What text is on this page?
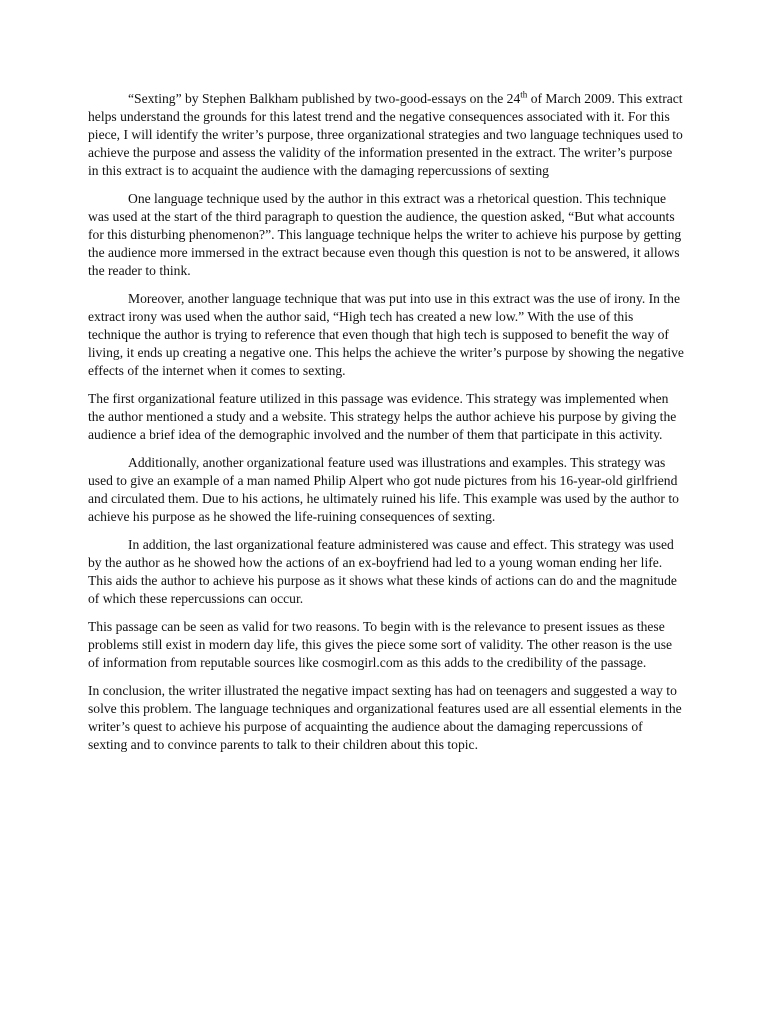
“Sexting” by Stephen Balkham published by two-good-essays on the 24th of March 2009. This extract helps understand the grounds for this latest trend and the negative consequences associated with it. For this piece, I will identify the writer’s purpose, three organizational strategies and two language techniques used to achieve the purpose and assess the validity of the information presented in the extract. The writer’s purpose in this extract is to acquaint the audience with the damaging repercussions of sexting

One language technique used by the author in this extract was a rhetorical question. This technique was used at the start of the third paragraph to question the audience, the question asked, “But what accounts for this disturbing phenomenon?”. This language technique helps the writer to achieve his purpose by getting the audience more immersed in the extract because even though this question is not to be answered, it allows the reader to think.

Moreover, another language technique that was put into use in this extract was the use of irony. In the extract irony was used when the author said, “High tech has created a new low.” With the use of this technique the author is trying to reference that even though that high tech is supposed to benefit the way of living, it ends up creating a negative one. This helps the achieve the writer’s purpose by showing the negative effects of the internet when it comes to sexting.

The first organizational feature utilized in this passage was evidence. This strategy was implemented when the author mentioned a study and a website. This strategy helps the author achieve his purpose by giving the audience a brief idea of the demographic involved and the number of them that participate in this activity.

Additionally, another organizational feature used was illustrations and examples. This strategy was used to give an example of a man named Philip Alpert who got nude pictures from his 16-year-old girlfriend and circulated them. Due to his actions, he ultimately ruined his life. This example was used by the author to achieve his purpose as he showed the life-ruining consequences of sexting.

In addition, the last organizational feature administered was cause and effect. This strategy was used by the author as he showed how the actions of an ex-boyfriend had led to a young woman ending her life. This aids the author to achieve his purpose as it shows what these kinds of actions can do and the magnitude of which these repercussions can occur.

This passage can be seen as valid for two reasons. To begin with is the relevance to present issues as these problems still exist in modern day life, this gives the piece some sort of validity. The other reason is the use of information from reputable sources like cosmogirl.com as this adds to the credibility of the passage.

In conclusion, the writer illustrated the negative impact sexting has had on teenagers and suggested a way to solve this problem. The language techniques and organizational features used are all essential elements in the writer’s quest to achieve his purpose of acquainting the audience about the damaging repercussions of sexting and to convince parents to talk to their children about this topic.
